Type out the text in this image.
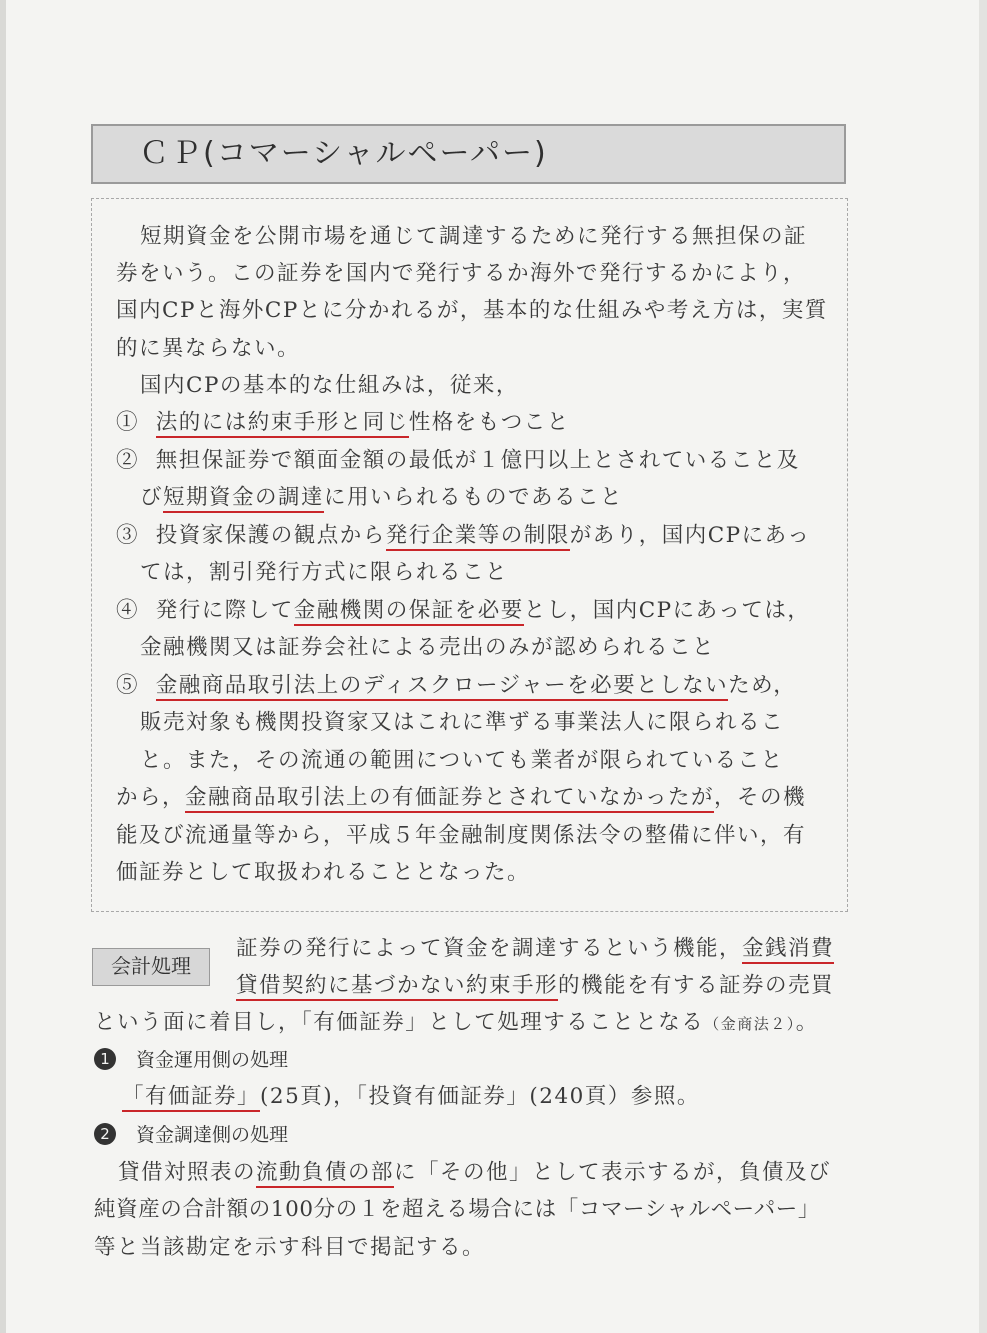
ＣＰ(コマーシャルペーパー)
短期資金を公開市場を通じて調達するために発行する無担保の証
券をいう。この証券を国内で発行するか海外で発行するかにより，
国内CPと海外CPとに分かれるが，基本的な仕組みや考え方は，実質
的に異ならない。
国内CPの基本的な仕組みは，従来，
① 法的には約束手形と同じ性格をもつこと
② 無担保証券で額面金額の最低が１億円以上とされていること及
び短期資金の調達に用いられるものであること
③ 投資家保護の観点から発行企業等の制限があり，国内CPにあっ
ては，割引発行方式に限られること
④ 発行に際して金融機関の保証を必要とし，国内CPにあっては，
金融機関又は証券会社による売出のみが認められること
⑤ 金融商品取引法上のディスクロージャーを必要としないため，
販売対象も機関投資家又はこれに準ずる事業法人に限られるこ
と。また，その流通の範囲についても業者が限られていること
から，金融商品取引法上の有価証券とされていなかったが，その機
能及び流通量等から，平成５年金融制度関係法令の整備に伴い，有
価証券として取扱われることとなった。
会計処理
証券の発行によって資金を調達するという機能，金銭消費
貸借契約に基づかない約束手形的機能を有する証券の売買
という面に着目し，「有価証券」として処理することとなる（金商法２）。
1 資金運用側の処理
「有価証券」(25頁)，「投資有価証券」(240頁）参照。
2 資金調達側の処理
貸借対照表の流動負債の部に「その他」として表示するが，負債及び
純資産の合計額の100分の１を超える場合には「コマーシャルペーパー」
等と当該勘定を示す科目で掲記する。
